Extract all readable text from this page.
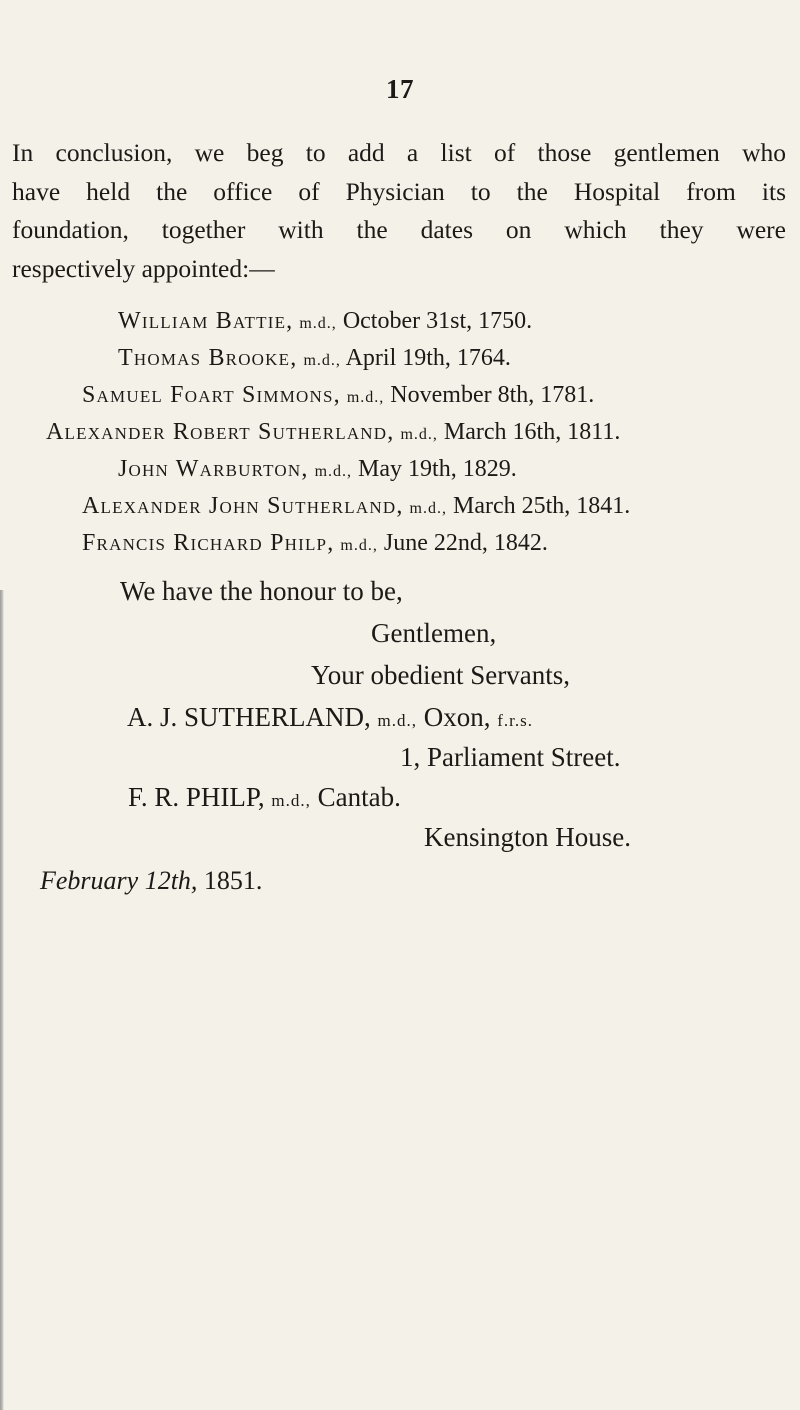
17
In conclusion, we beg to add a list of those gentlemen who
have held the office of Physician to the Hospital from its
foundation, together with the dates on which they were
respectively appointed:—
William Battie, m.d., October 31st, 1750.
Thomas Brooke, m.d., April 19th, 1764.
Samuel Foart Simmons, m.d., November 8th, 1781.
Alexander Robert Sutherland, m.d., March 16th, 1811.
John Warburton, m.d., May 19th, 1829.
Alexander John Sutherland, m.d., March 25th, 1841.
Francis Richard Philp, m.d., June 22nd, 1842.
We have the honour to be,
Gentlemen,
Your obedient Servants,
A. J. SUTHERLAND, m.d., Oxon, f.r.s.
1, Parliament Street.
F. R. PHILP, m.d., Cantab.
Kensington House.
February 12th, 1851.
